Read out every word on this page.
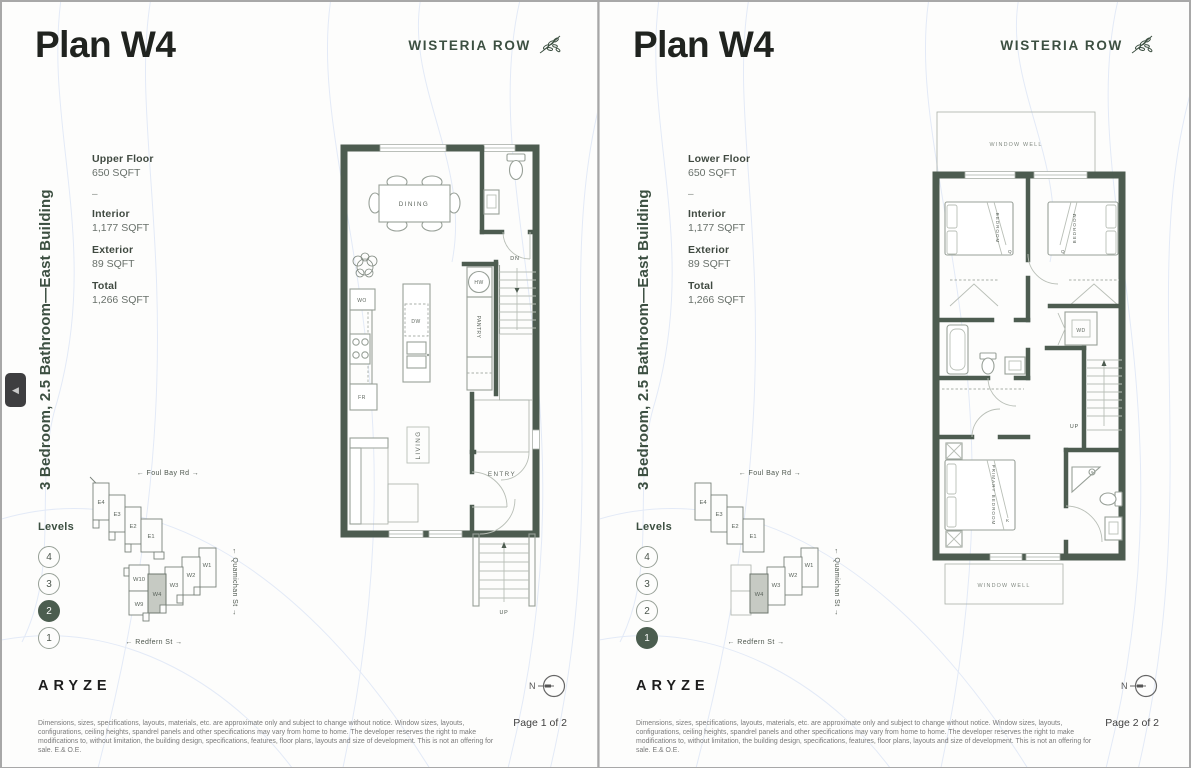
Plan W4	WISTERIA ROW
3 Bedroom, 2.5 Bathroom—East Building
Upper Floor
650 SQFT
–
Interior
1,177 SQFT
Exterior
89 SQFT
Total
1,266 SQFT
DINING
WO
FR
DW
HW
PANTRY
DN
ENTRY
LIVING
UP
← Foul Bay Rd →
← Redfern St →
← Quamichan St →
E4
E3
E2
E1
W1
W2
W3
W4
W9
W10
Levels
4
3
2
1
ARYZE	N

Dimensions, sizes, specifications, layouts, materials, etc. are approximate only and subject to change without notice. Window sizes, layouts, configurations, ceiling heights, spandrel panels and other specifications may vary from home to home. The developer reserves the right to make modifications to, without limitation, the building design, specifications, features, floor plans, layouts and size of development. This is not an offering for sale. E.& O.E.

Page 1 of 2
Plan W4	WISTERIA ROW
3 Bedroom, 2.5 Bathroom—East Building
Lower Floor
650 SQFT
–
Interior
1,177 SQFT
Exterior
89 SQFT
Total
1,266 SQFT
WINDOW WELL
BEDROOM
Q
BEDROOM
Q
WD
UP
PRIMARY BEDROOM K
WINDOW WELL
← Foul Bay Rd →
← Redfern St →
← Quamichan St →
E4
E3
E2
E1
W1
W2
W3
W4
Levels
4
3
2
1
ARYZE	N

Dimensions, sizes, specifications, layouts, materials, etc. are approximate only and subject to change without notice. Window sizes, layouts, configurations, ceiling heights, spandrel panels and other specifications may vary from home to home. The developer reserves the right to make modifications to, without limitation, the building design, specifications, features, floor plans, layouts and size of development. This is not an offering for sale. E.& O.E.

Page 2 of 2
◀
